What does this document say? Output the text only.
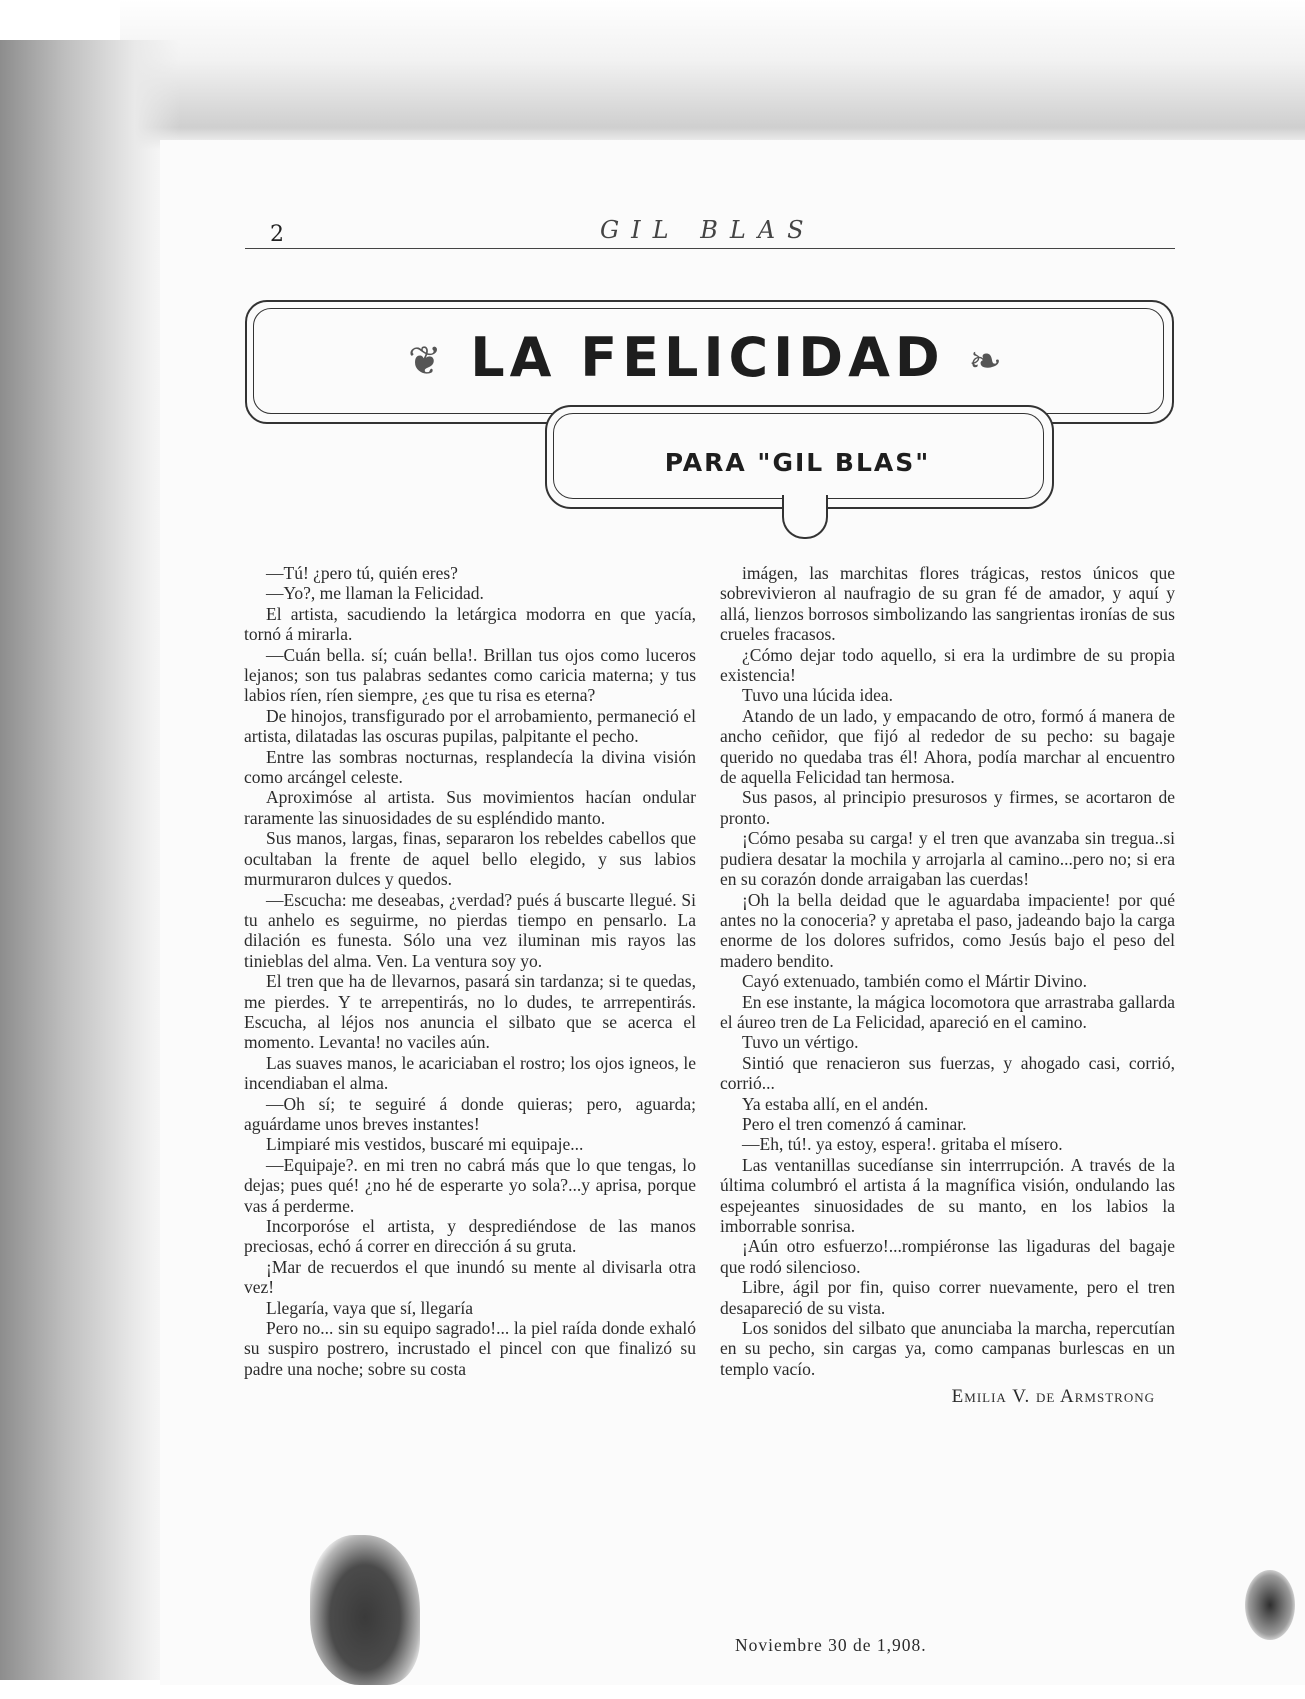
2	GIL BLAS
❦ LA FELICIDAD ❧
PARA "GIL BLAS"

—Tú! ¿pero tú, quién eres?

—Yo?, me llaman la Felicidad.

El artista, sacudiendo la letárgica modorra en que yacía, tornó á mirarla.

—Cuán bella. sí; cuán bella!. Brillan tus ojos como luceros lejanos; son tus palabras sedantes como caricia materna; y tus labios ríen, ríen siempre, ¿es que tu risa es eterna?

De hinojos, transfigurado por el arrobamiento, permaneció el artista, dilatadas las oscuras pupilas, palpitante el pecho.

Entre las sombras nocturnas, resplandecía la divina visión como arcángel celeste.

Aproximóse al artista. Sus movimientos hacían ondular raramente las sinuosidades de su espléndido manto.

Sus manos, largas, finas, separaron los rebeldes cabellos que ocultaban la frente de aquel bello elegido, y sus labios murmuraron dulces y quedos.

—Escucha: me deseabas, ¿verdad? pués á buscarte llegué. Si tu anhelo es seguirme, no pierdas tiempo en pensarlo. La dilación es funesta. Sólo una vez iluminan mis rayos las tinieblas del alma. Ven. La ventura soy yo.

El tren que ha de llevarnos, pasará sin tardanza; si te quedas, me pierdes. Y te arrepentirás, no lo dudes, te arrrepentirás. Escucha, al léjos nos anuncia el silbato que se acerca el momento. Levanta! no vaciles aún.

Las suaves manos, le acariciaban el rostro; los ojos igneos, le incendiaban el alma.

—Oh sí; te seguiré á donde quieras; pero, aguarda; aguárdame unos breves instantes!

Limpiaré mis vestidos, buscaré mi equipaje...

—Equipaje?. en mi tren no cabrá más que lo que tengas, lo dejas; pues qué! ¿no hé de esperarte yo sola?...y aprisa, porque vas á perderme.

Incorporóse el artista, y desprediéndose de las manos preciosas, echó á correr en dirección á su gruta.

¡Mar de recuerdos el que inundó su mente al divisarla otra vez!

Llegaría, vaya que sí, llegaría

Pero no... sin su equipo sagrado!... la piel raída donde exhaló su suspiro postrero, incrustado el pincel con que finalizó su padre una noche; sobre su costa

imágen, las marchitas flores trágicas, restos únicos que sobrevivieron al naufragio de su gran fé de amador, y aquí y allá, lienzos borrosos simbolizando las sangrientas ironías de sus crueles fracasos.

¿Cómo dejar todo aquello, si era la urdimbre de su propia existencia!

Tuvo una lúcida idea.

Atando de un lado, y empacando de otro, formó á manera de ancho ceñidor, que fijó al rededor de su pecho: su bagaje querido no quedaba tras él! Ahora, podía marchar al encuentro de aquella Felicidad tan hermosa.

Sus pasos, al principio presurosos y firmes, se acortaron de pronto.

¡Cómo pesaba su carga! y el tren que avanzaba sin tregua..si pudiera desatar la mochila y arrojarla al camino...pero no; si era en su corazón donde arraigaban las cuerdas!

¡Oh la bella deidad que le aguardaba impaciente! por qué antes no la conoceria? y apretaba el paso, jadeando bajo la carga enorme de los dolores sufridos, como Jesús bajo el peso del madero bendito.

Cayó extenuado, también como el Mártir Divino.

En ese instante, la mágica locomotora que arrastraba gallarda el áureo tren de La Felicidad, apareció en el camino.

Tuvo un vértigo.

Sintió que renacieron sus fuerzas, y ahogado casi, corrió, corrió...

Ya estaba allí, en el andén.

Pero el tren comenzó á caminar.

—Eh, tú!. ya estoy, espera!. gritaba el mísero.

Las ventanillas sucedíanse sin interrrupción. A través de la última columbró el artista á la magnífica visión, ondulando las espejeantes sinuosidades de su manto, en los labios la imborrable sonrisa.

¡Aún otro esfuerzo!...rompiéronse las ligaduras del bagaje que rodó silencioso.

Libre, ágil por fin, quiso correr nuevamente, pero el tren desapareció de su vista.

Los sonidos del silbato que anunciaba la marcha, repercutían en su pecho, sin cargas ya, como campanas burlescas en un templo vacío.

Emilia V. de Armstrong
Noviembre 30 de 1,908.
